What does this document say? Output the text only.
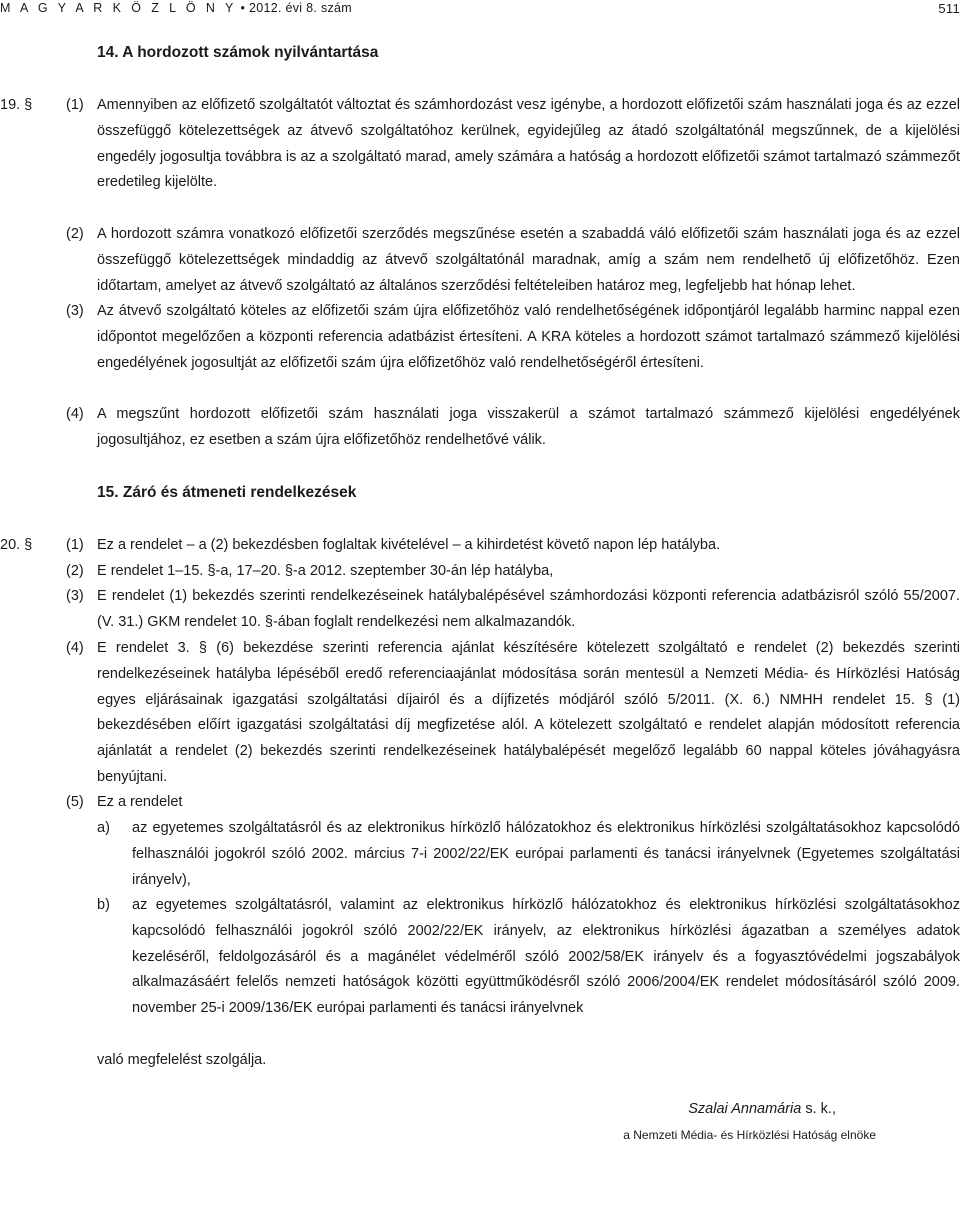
M A G Y A R K Ö Z L Ö N Y • 2012. évi 8. szám	511
14. A hordozott számok nyilvántartása
19. § (1) Amennyiben az előfizető szolgáltatót változtat és számhordozást vesz igénybe, a hordozott előfizetői szám használati joga és az ezzel összefüggő kötelezettségek az átvevő szolgáltatóhoz kerülnek, egyidejűleg az átadó szolgáltatónál megszűnnek, de a kijelölési engedély jogosultja továbbra is az a szolgáltató marad, amely számára a hatóság a hordozott előfizetői számot tartalmazó számmezőt eredetileg kijelölte.
(2) A hordozott számra vonatkozó előfizetői szerződés megszűnése esetén a szabaddá váló előfizetői szám használati joga és az ezzel összefüggő kötelezettségek mindaddig az átvevő szolgáltatónál maradnak, amíg a szám nem rendelhető új előfizetőhöz. Ezen időtartam, amelyet az átvevő szolgáltató az általános szerződési feltételeiben határoz meg, legfeljebb hat hónap lehet.
(3) Az átvevő szolgáltató köteles az előfizetői szám újra előfizetőhöz való rendelhetőségének időpontjáról legalább harminc nappal ezen időpontot megelőzően a központi referencia adatbázist értesíteni. A KRA köteles a hordozott számot tartalmazó számmező kijelölési engedélyének jogosultját az előfizetői szám újra előfizetőhöz való rendelhetőségéről értesíteni.
(4) A megszűnt hordozott előfizetői szám használati joga visszakerül a számot tartalmazó számmező kijelölési engedélyének jogosultjához, ez esetben a szám újra előfizetőhöz rendelhetővé válik.
15. Záró és átmeneti rendelkezések
20. § (1) Ez a rendelet – a (2) bekezdésben foglaltak kivételével – a kihirdetést követő napon lép hatályba.
(2) E rendelet 1–15. §-a, 17–20. §-a 2012. szeptember 30-án lép hatályba,
(3) E rendelet (1) bekezdés szerinti rendelkezéseinek hatálybalépésével számhordozási központi referencia adatbázisról szóló 55/2007. (V. 31.) GKM rendelet 10. §-ában foglalt rendelkezési nem alkalmazandók.
(4) E rendelet 3. § (6) bekezdése szerinti referencia ajánlat készítésére kötelezett szolgáltató e rendelet (2) bekezdés szerinti rendelkezéseinek hatályba lépéséből eredő referenciaajánlat módosítása során mentesül a Nemzeti Média- és Hírközlési Hatóság egyes eljárásainak igazgatási szolgáltatási díjairól és a díjfizetés módjáról szóló 5/2011. (X. 6.) NMHH rendelet 15. § (1) bekezdésében előírt igazgatási szolgáltatási díj megfizetése alól. A kötelezett szolgáltató e rendelet alapján módosított referencia ajánlatát a rendelet (2) bekezdés szerinti rendelkezéseinek hatálybalépését megelőző legalább 60 nappal köteles jóváhagyásra benyújtani.
(5) Ez a rendelet
a) az egyetemes szolgáltatásról és az elektronikus hírközlő hálózatokhoz és elektronikus hírközlési szolgáltatásokhoz kapcsolódó felhasználói jogokról szóló 2002. március 7-i 2002/22/EK európai parlamenti és tanácsi irányelvnek (Egyetemes szolgáltatási irányelv),
b) az egyetemes szolgáltatásról, valamint az elektronikus hírközlő hálózatokhoz és elektronikus hírközlési szolgáltatásokhoz kapcsolódó felhasználói jogokról szóló 2002/22/EK irányelv, az elektronikus hírközlési ágazatban a személyes adatok kezeléséről, feldolgozásáról és a magánélet védelméről szóló 2002/58/EK irányelv és a fogyasztóvédelmi jogszabályok alkalmazásáért felelős nemzeti hatóságok közötti együttműködésről szóló 2006/2004/EK rendelet módosításáról szóló 2009. november 25-i 2009/136/EK európai parlamenti és tanácsi irányelvnek
való megfelelést szolgálja.
Szalai Annamária s. k.,
a Nemzeti Média- és Hírközlési Hatóság elnöke
